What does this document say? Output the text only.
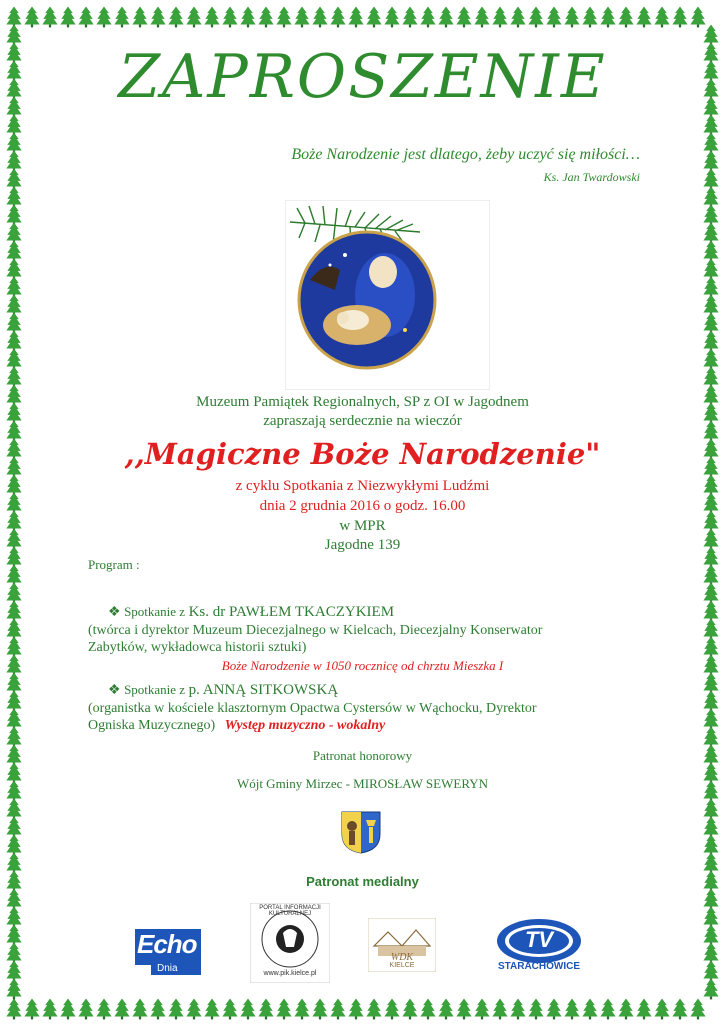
ZAPROSZENIE
Boże Narodzenie jest dlatego, żeby uczyć się miłości…
Ks. Jan Twardowski
Muzeum Pamiątek Regionalnych, SP z OI w Jagodnem
zapraszają serdecznie na wieczór
,,Magiczne Boże Narodzenie"
z cyklu Spotkania z Niezwykłymi Ludźmi
dnia 2 grudnia 2016 o godz. 16.00
w MPR
Jagodne 139
Program :
❖ Spotkanie z Ks. dr PAWŁEM TKACZYKIEM
(twórca i dyrektor Muzeum Diecezjalnego w Kielcach, Diecezjalny Konserwator
Zabytków, wykładowca historii sztuki)
Boże Narodzenie w 1050 rocznicę od chrztu Mieszka I
❖ Spotkanie z p. ANNĄ SITKOWSKĄ
(organistka w kościele klasztornym Opactwa Cystersów w Wąchocku, Dyrektor
Ogniska Muzycznego) Występ muzyczno - wokalny
Patronat honorowy
Wójt Gminy Mirzec - MIROSŁAW SEWERYN
Patronat medialny
Echo
Dnia
PORTAL INFORMACJI KULTURALNEJ
www.pik.kielce.pl
WDK
KIELCE
TV
STARACHOWICE
